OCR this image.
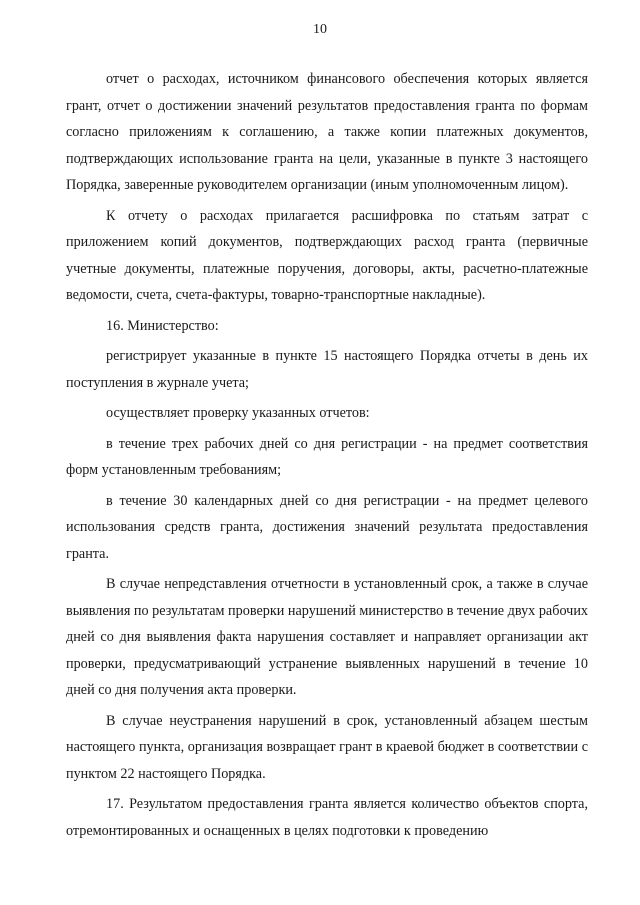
10

отчет о расходах, источником финансового обеспечения которых является грант, отчет о достижении значений результатов предоставления гранта по формам согласно приложениям к соглашению, а также копии платежных документов, подтверждающих использование гранта на цели, указанные в пункте 3 настоящего Порядка, заверенные руководителем организации (иным уполномоченным лицом).

К отчету о расходах прилагается расшифровка по статьям затрат с приложением копий документов, подтверждающих расход гранта (первичные учетные документы, платежные поручения, договоры, акты, расчетно-платежные ведомости, счета, счета-фактуры, товарно-транспортные накладные).

16. Министерство:

регистрирует указанные в пункте 15 настоящего Порядка отчеты в день их поступления в журнале учета;

осуществляет проверку указанных отчетов:

в течение трех рабочих дней со дня регистрации - на предмет соответствия форм установленным требованиям;

в течение 30 календарных дней со дня регистрации - на предмет целевого использования средств гранта, достижения значений результата предоставления гранта.

В случае непредставления отчетности в установленный срок, а также в случае выявления по результатам проверки нарушений министерство в течение двух рабочих дней со дня выявления факта нарушения составляет и направляет организации акт проверки, предусматривающий устранение выявленных нарушений в течение 10 дней со дня получения акта проверки.

В случае неустранения нарушений в срок, установленный абзацем шестым настоящего пункта, организация возвращает грант в краевой бюджет в соответствии с пунктом 22 настоящего Порядка.

17. Результатом предоставления гранта является количество объектов спорта, отремонтированных и оснащенных в целях подготовки к проведению
